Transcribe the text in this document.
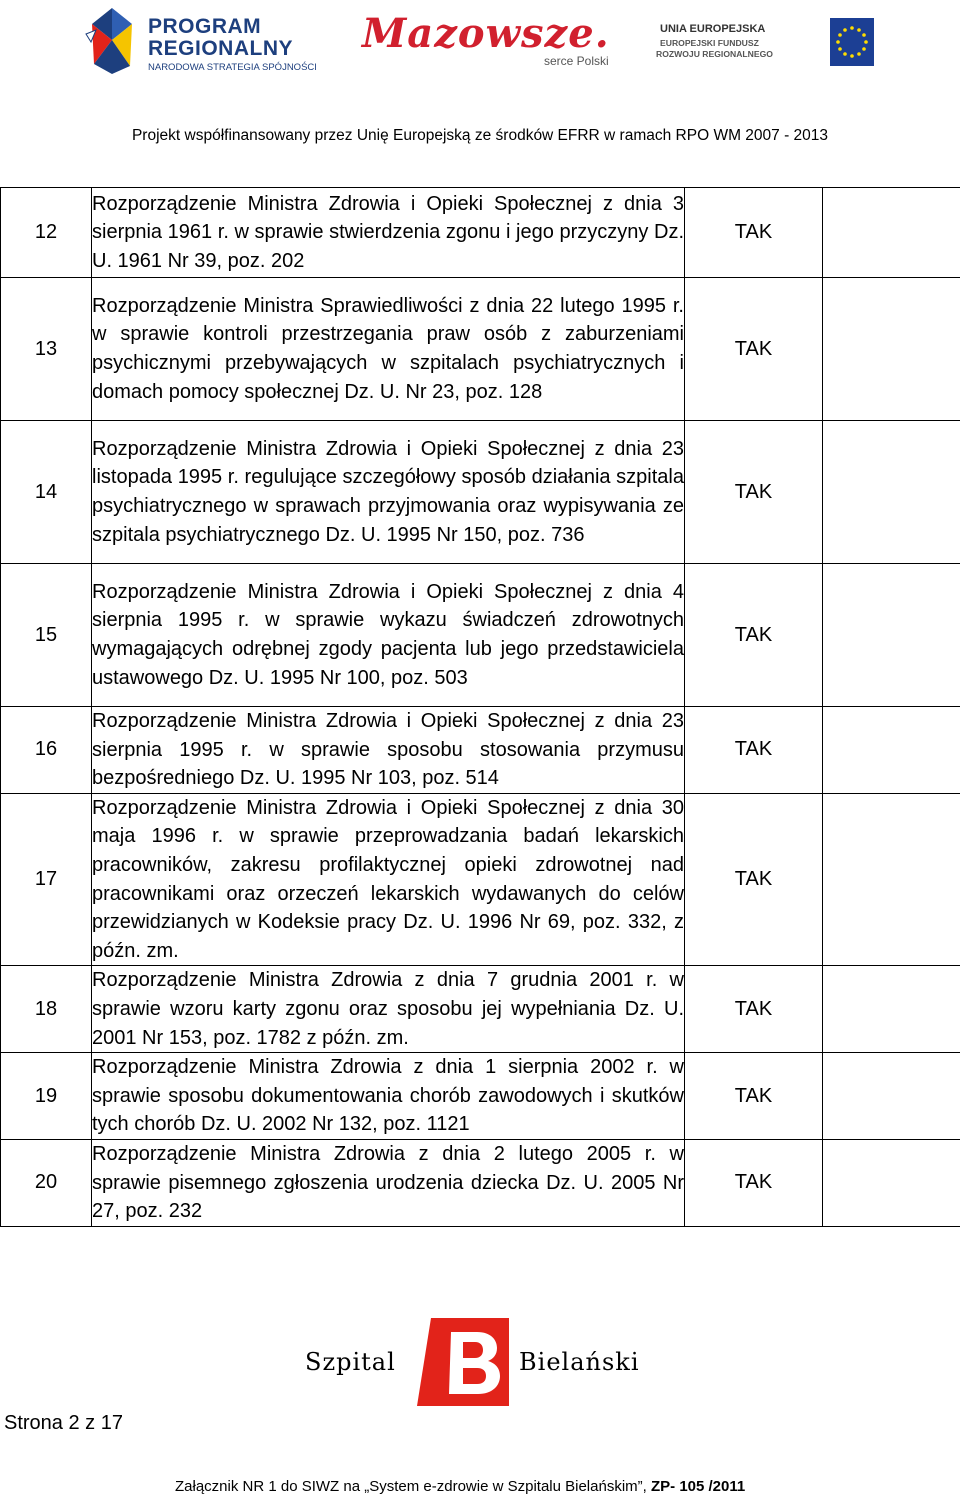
PROGRAM
REGIONALNY
NARODOWA STRATEGIA SPÓJNOŚCI
Mazowsze.
serce Polski
UNIA EUROPEJSKA
EUROPEJSKI FUNDUSZ
ROZWOJU REGIONALNEGO
Projekt współfinansowany przez Unię Europejską ze środków EFRR w ramach RPO WM 2007 - 2013
12	Rozporządzenie Ministra Zdrowia i Opieki Społecznej z dnia 3 sierpnia 1961 r. w sprawie stwierdzenia zgonu i jego przyczyny Dz. U. 1961 Nr 39, poz. 202	TAK	
13	Rozporządzenie Ministra Sprawiedliwości z dnia 22 lutego 1995 r. w sprawie kontroli przestrzegania praw osób z zaburzeniami psychicznymi przebywających w szpitalach psychiatrycznych i domach pomocy społecznej Dz. U. Nr 23, poz. 128	TAK	
14	Rozporządzenie Ministra Zdrowia i Opieki Społecznej z dnia 23 listopada 1995 r. regulujące szczegółowy sposób działania szpitala psychiatrycznego w sprawach przyjmowania oraz wypisywania ze szpitala psychiatrycznego Dz. U. 1995 Nr 150, poz. 736	TAK	
15	Rozporządzenie Ministra Zdrowia i Opieki Społecznej z dnia 4 sierpnia 1995 r. w sprawie wykazu świadczeń zdrowotnych wymagających odrębnej zgody pacjenta lub jego przedstawiciela ustawowego Dz. U. 1995 Nr 100, poz. 503	TAK	
16	Rozporządzenie Ministra Zdrowia i Opieki Społecznej z dnia 23 sierpnia 1995 r. w sprawie sposobu stosowania przymusu bezpośredniego Dz. U. 1995 Nr 103, poz. 514	TAK	
17	Rozporządzenie Ministra Zdrowia i Opieki Społecznej z dnia 30 maja 1996 r. w sprawie przeprowadzania badań lekarskich pracowników, zakresu profilaktycznej opieki zdrowotnej nad pracownikami oraz orzeczeń lekarskich wydawanych do celów przewidzianych w Kodeksie pracy Dz. U. 1996 Nr 69, poz. 332, z późn. zm.	TAK	
18	Rozporządzenie Ministra Zdrowia z dnia 7 grudnia 2001 r. w sprawie wzoru karty zgonu oraz sposobu jej wypełniania Dz. U. 2001 Nr 153, poz. 1782 z późn. zm.	TAK	
19	Rozporządzenie Ministra Zdrowia z dnia 1 sierpnia 2002 r. w sprawie sposobu dokumentowania chorób zawodowych i skutków tych chorób Dz. U. 2002 Nr 132, poz. 1121	TAK	
20	Rozporządzenie Ministra Zdrowia z dnia 2 lutego 2005 r. w sprawie pisemnego zgłoszenia urodzenia dziecka Dz. U. 2005 Nr 27, poz. 232	TAK	
Szpital	Bielański
Strona 2 z 17
Załącznik NR 1 do SIWZ na „System e-zdrowie w Szpitalu Bielańskim”, ZP- 105 /2011
